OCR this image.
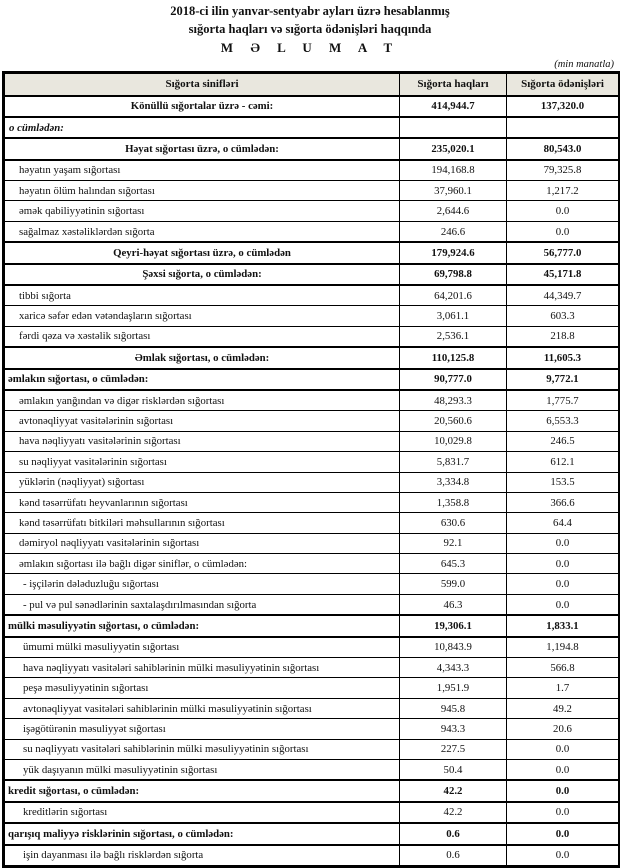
2018-ci ilin yanvar-sentyabr ayları üzrə hesablanmış
sığorta haqları və sığorta ödənişləri haqqında
M Ə L U M A T
(min manatla)
Sığorta sinifləri	Sığorta haqları	Sığorta ödənişləri
Könüllü sığortalar üzrə - cəmi:	414,944.7	137,320.0
o cümlədən:		
Həyat sığortası üzrə, o cümlədən:	235,020.1	80,543.0
həyatın yaşam sığortası	194,168.8	79,325.8
həyatın ölüm halından sığortası	37,960.1	1,217.2
əmək qabiliyyətinin sığortası	2,644.6	0.0
sağalmaz xəstəliklərdən sığorta	246.6	0.0
Qeyri-həyat sığortası üzrə, o cümlədən	179,924.6	56,777.0
Şəxsi sığorta, o cümlədən:	69,798.8	45,171.8
tibbi sığorta	64,201.6	44,349.7
xaricə səfər edən vətəndaşların sığortası	3,061.1	603.3
fərdi qəza və xəstəlik sığortası	2,536.1	218.8
Əmlak sığortası, o cümlədən:	110,125.8	11,605.3
əmlakın sığortası, o cümlədən:	90,777.0	9,772.1
əmlakın yanğından və digər risklərdən sığortası	48,293.3	1,775.7
avtonəqliyyat vasitələrinin sığortası	20,560.6	6,553.3
hava nəqliyyatı vasitələrinin sığortası	10,029.8	246.5
su nəqliyyat vasitələrinin sığortası	5,831.7	612.1
yüklərin (nəqliyyat) sığortası	3,334.8	153.5
kənd təsərrüfatı heyvanlarının sığortası	1,358.8	366.6
kənd təsərrüfatı bitkiləri məhsullarının sığortası	630.6	64.4
dəmiryol nəqliyyatı vasitələrinin sığortası	92.1	0.0
əmlakın sığortası ilə bağlı digər siniflər, o cümlədən:	645.3	0.0
- işçilərin dələduzluğu sığortası	599.0	0.0
- pul və pul sənədlərinin saxtalaşdırılmasından sığorta	46.3	0.0
mülki məsuliyyətin sığortası, o cümlədən:	19,306.1	1,833.1
ümumi mülki məsuliyyətin sığortası	10,843.9	1,194.8
hava nəqliyyatı vasitələri sahiblərinin mülki məsuliyyətinin sığortası	4,343.3	566.8
peşə məsuliyyətinin sığortası	1,951.9	1.7
avtonəqliyyat vasitələri sahiblərinin mülki məsuliyyətinin sığortası	945.8	49.2
işəgötürənin məsuliyyət sığortası	943.3	20.6
su nəqliyyatı vasitələri sahiblərinin mülki məsuliyyətinin sığortası	227.5	0.0
yük daşıyanın mülki məsuliyyətinin sığortası	50.4	0.0
kredit sığortası, o cümlədən:	42.2	0.0
kreditlərin sığortası	42.2	0.0
qarışıq maliyyə risklərinin sığortası, o cümlədən:	0.6	0.0
işin dayanması ilə bağlı risklərdən sığorta	0.6	0.0
